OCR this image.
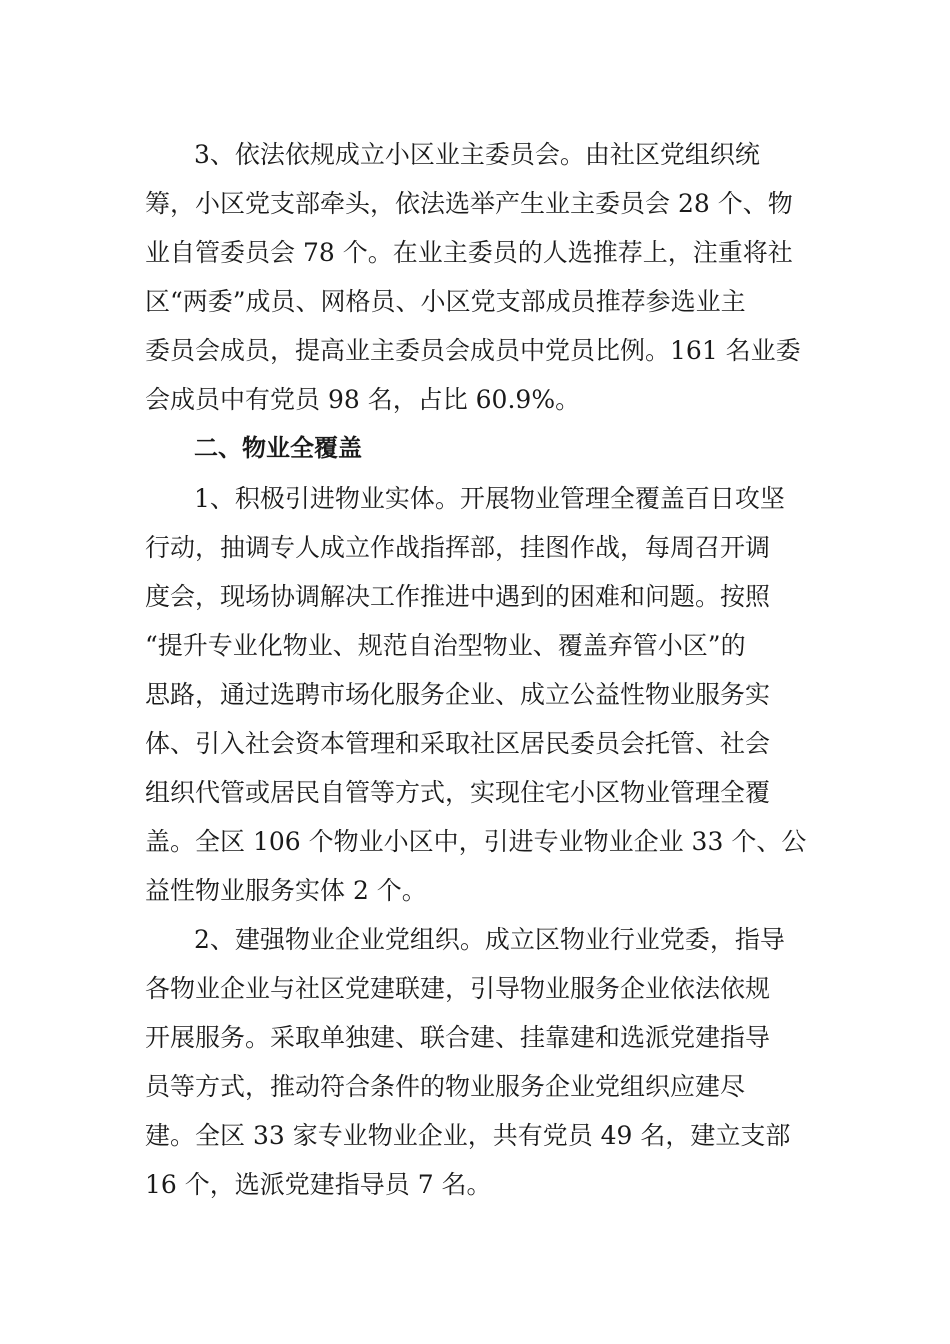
3、依法依规成立小区业主委员会。由社区党组织统
筹，小区党支部牵头，依法选举产生业主委员会 28 个、物
业自管委员会 78 个。在业主委员的人选推荐上，注重将社
区“两委”成员、网格员、小区党支部成员推荐参选业主
委员会成员，提高业主委员会成员中党员比例。161 名业委
会成员中有党员 98 名，占比 60.9%。
二、物业全覆盖
1、积极引进物业实体。开展物业管理全覆盖百日攻坚
行动，抽调专人成立作战指挥部，挂图作战，每周召开调
度会，现场协调解决工作推进中遇到的困难和问题。按照
“提升专业化物业、规范自治型物业、覆盖弃管小区”的
思路，通过选聘市场化服务企业、成立公益性物业服务实
体、引入社会资本管理和采取社区居民委员会托管、社会
组织代管或居民自管等方式，实现住宅小区物业管理全覆
盖。全区 106 个物业小区中，引进专业物业企业 33 个、公
益性物业服务实体 2 个。
2、建强物业企业党组织。成立区物业行业党委，指导
各物业企业与社区党建联建，引导物业服务企业依法依规
开展服务。采取单独建、联合建、挂靠建和选派党建指导
员等方式，推动符合条件的物业服务企业党组织应建尽
建。全区 33 家专业物业企业，共有党员 49 名，建立支部
16 个，选派党建指导员 7 名。
